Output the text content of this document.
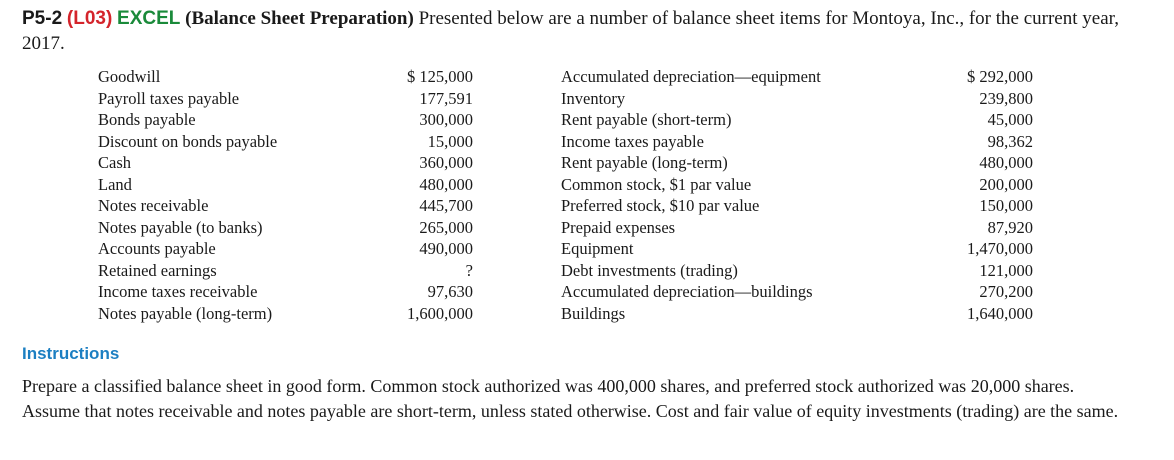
P5-2 (L03) EXCEL (Balance Sheet Preparation) Presented below are a number of balance sheet items for Montoya, Inc., for the current year, 2017.
Goodwill
Payroll taxes payable
Bonds payable
Discount on bonds payable
Cash
Land
Notes receivable
Notes payable (to banks)
Accounts payable
Retained earnings
Income taxes receivable
Notes payable (long-term)
$ 125,000
177,591
300,000
15,000
360,000
480,000
445,700
265,000
490,000
?
97,630
1,600,000
Accumulated depreciation—equipment
Inventory
Rent payable (short-term)
Income taxes payable
Rent payable (long-term)
Common stock, $1 par value
Preferred stock, $10 par value
Prepaid expenses
Equipment
Debt investments (trading)
Accumulated depreciation—buildings
Buildings
$ 292,000
239,800
45,000
98,362
480,000
200,000
150,000
87,920
1,470,000
121,000
270,200
1,640,000
Instructions
Prepare a classified balance sheet in good form. Common stock authorized was 400,000 shares, and preferred stock authorized was 20,000 shares. Assume that notes receivable and notes payable are short-term, unless stated otherwise. Cost and fair value of equity investments (trading) are the same.
